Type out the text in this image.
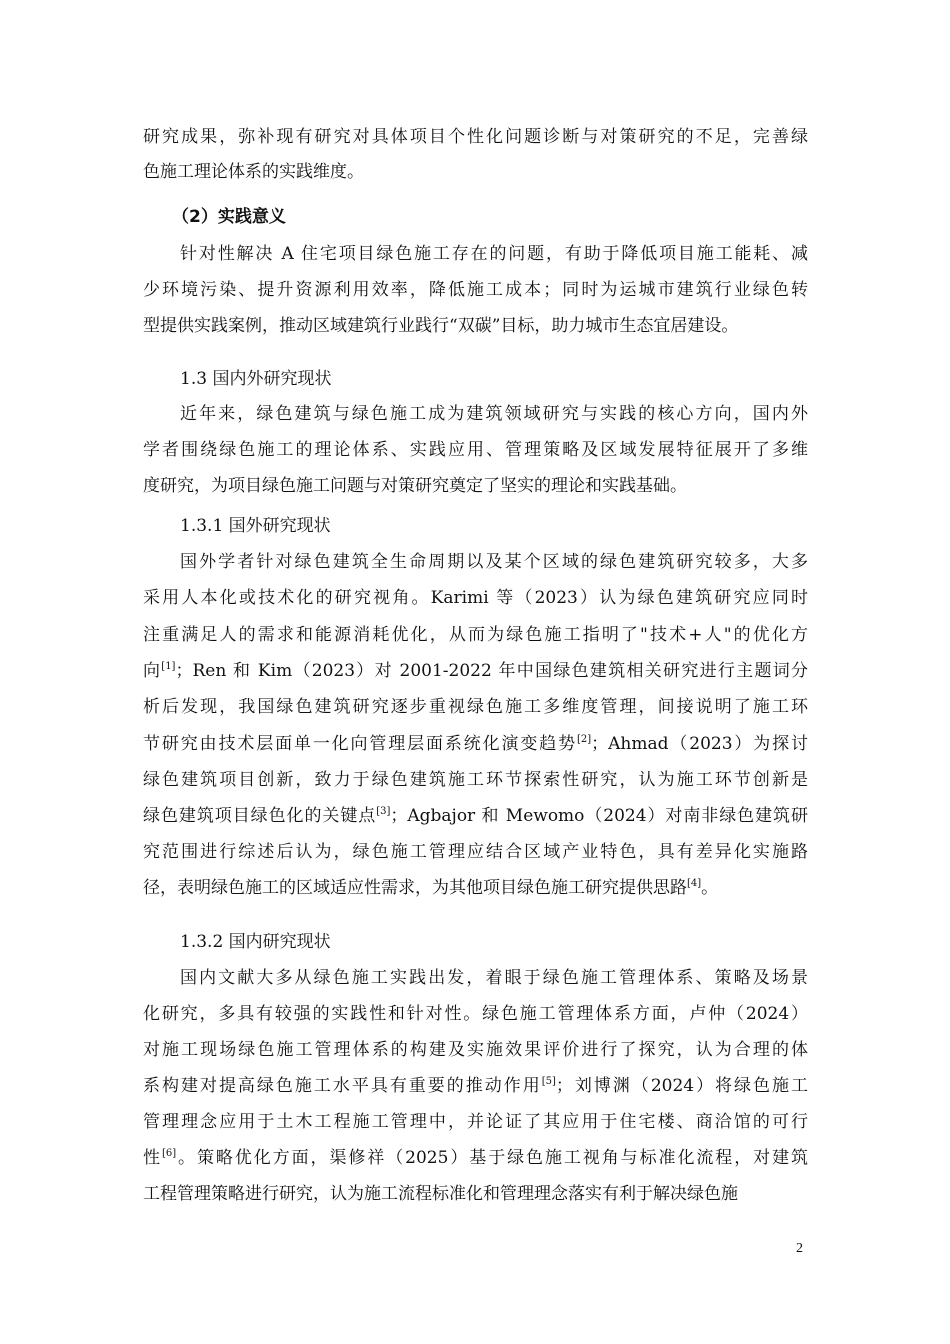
研究成果，弥补现有研究对具体项目个性化问题诊断与对策研究的不足，完善绿
色施工理论体系的实践维度。
（2）实践意义
针对性解决 A 住宅项目绿色施工存在的问题，有助于降低项目施工能耗、减
少环境污染、提升资源利用效率，降低施工成本；同时为运城市建筑行业绿色转
型提供实践案例，推动区域建筑行业践行“双碳”目标，助力城市生态宜居建设。
1.3 国内外研究现状
近年来，绿色建筑与绿色施工成为建筑领域研究与实践的核心方向，国内外
学者围绕绿色施工的理论体系、实践应用、管理策略及区域发展特征展开了多维
度研究，为项目绿色施工问题与对策研究奠定了坚实的理论和实践基础。
1.3.1 国外研究现状
国外学者针对绿色建筑全生命周期以及某个区域的绿色建筑研究较多，大多
采用人本化或技术化的研究视角。Karimi 等（2023）认为绿色建筑研究应同时
注重满足人的需求和能源消耗优化，从而为绿色施工指明了"技术+人"的优化方
向[1]；Ren 和 Kim（2023）对 2001-2022 年中国绿色建筑相关研究进行主题词分
析后发现，我国绿色建筑研究逐步重视绿色施工多维度管理，间接说明了施工环
节研究由技术层面单一化向管理层面系统化演变趋势[2]；Ahmad（2023）为探讨
绿色建筑项目创新，致力于绿色建筑施工环节探索性研究，认为施工环节创新是
绿色建筑项目绿色化的关键点[3]；Agbajor 和 Mewomo（2024）对南非绿色建筑研
究范围进行综述后认为，绿色施工管理应结合区域产业特色，具有差异化实施路
径，表明绿色施工的区域适应性需求，为其他项目绿色施工研究提供思路[4]。
1.3.2 国内研究现状
国内文献大多从绿色施工实践出发，着眼于绿色施工管理体系、策略及场景
化研究，多具有较强的实践性和针对性。绿色施工管理体系方面，卢仲（2024）
对施工现场绿色施工管理体系的构建及实施效果评价进行了探究，认为合理的体
系构建对提高绿色施工水平具有重要的推动作用[5]；刘博渊（2024）将绿色施工
管理理念应用于土木工程施工管理中，并论证了其应用于住宅楼、商洽馆的可行
性[6]。策略优化方面，渠修祥（2025）基于绿色施工视角与标准化流程，对建筑
工程管理策略进行研究，认为施工流程标准化和管理理念落实有利于解决绿色施
2
